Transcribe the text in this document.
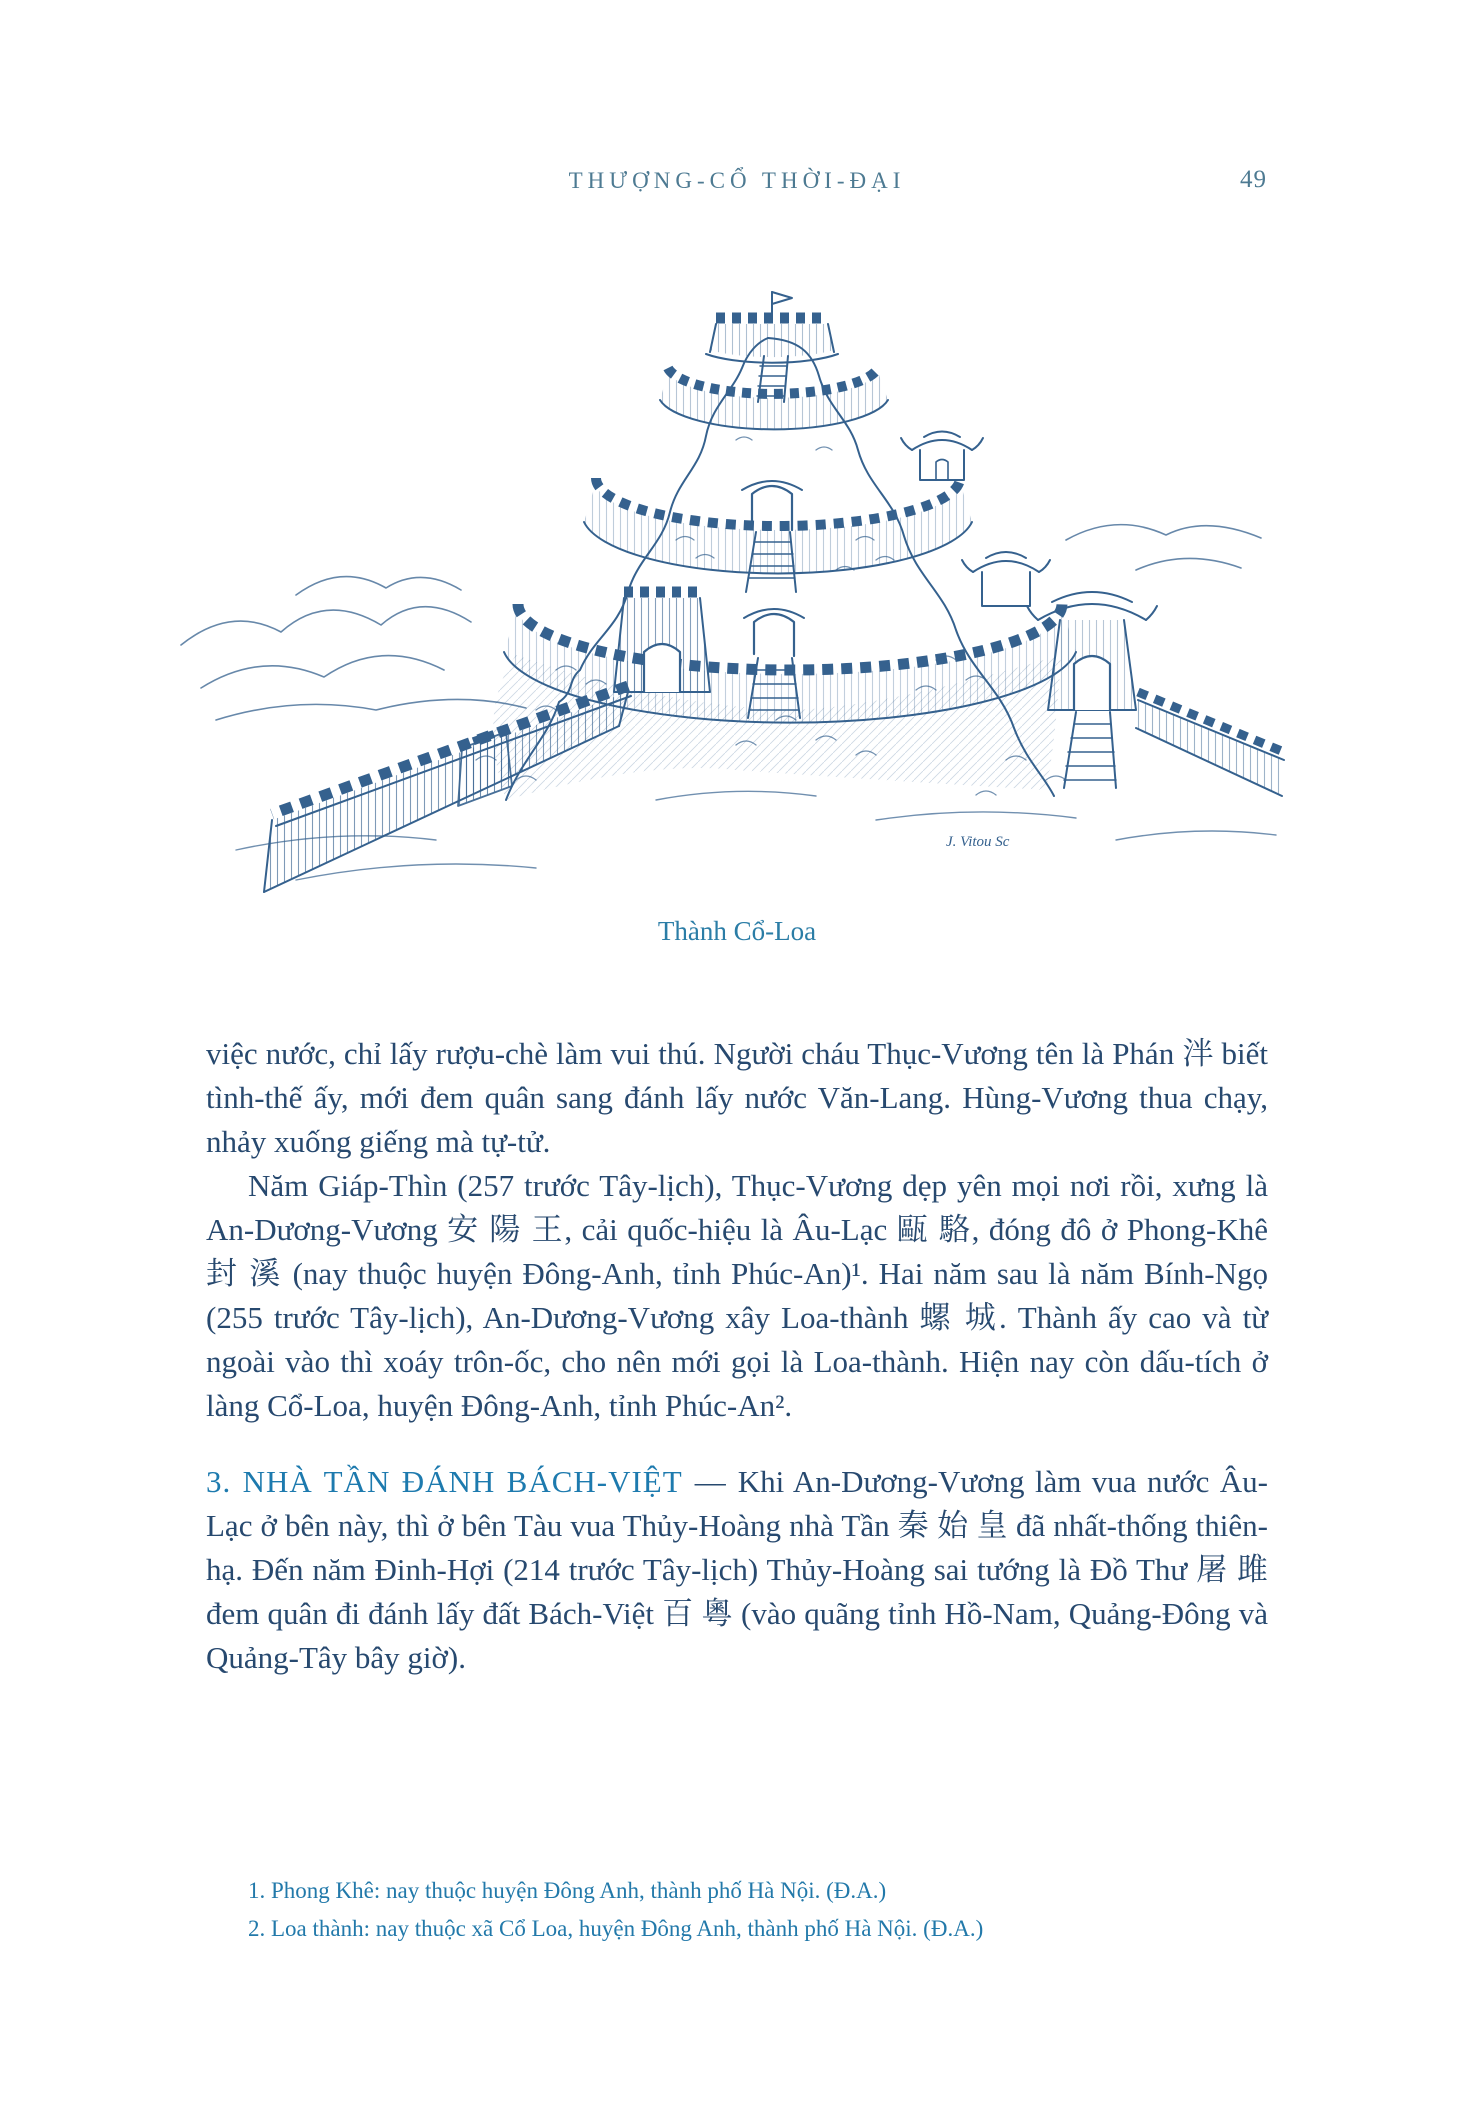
THƯỢNG-CỔ THỜI-ĐẠI	49
J. Vitou Sc
Thành Cổ-Loa

việc nước, chỉ lấy rượu-chè làm vui thú. Người cháu Thục-Vương tên là Phán 泮 biết tình-thế ấy, mới đem quân sang đánh lấy nước Văn-Lang. Hùng-Vương thua chạy, nhảy xuống giếng mà tự-tử.

Năm Giáp-Thìn (257 trước Tây-lịch), Thục-Vương dẹp yên mọi nơi rồi, xưng là An-Dương-Vương 安 陽 王, cải quốc-hiệu là Âu-Lạc 甌 駱, đóng đô ở Phong-Khê 封 溪 (nay thuộc huyện Đông-Anh, tỉnh Phúc-An)¹. Hai năm sau là năm Bính-Ngọ (255 trước Tây-lịch), An-Dương-Vương xây Loa-thành 螺 城. Thành ấy cao và từ ngoài vào thì xoáy trôn-ốc, cho nên mới gọi là Loa-thành. Hiện nay còn dấu-tích ở làng Cổ-Loa, huyện Đông-Anh, tỉnh Phúc-An².

3. NHÀ TẦN ĐÁNH BÁCH-VIỆT — Khi An-Dương-Vương làm vua nước Âu-Lạc ở bên này, thì ở bên Tàu vua Thủy-Hoàng nhà Tần 秦 始 皇 đã nhất-thống thiên-hạ. Đến năm Đinh-Hợi (214 trước Tây-lịch) Thủy-Hoàng sai tướng là Đồ Thư 屠 雎 đem quân đi đánh lấy đất Bách-Việt 百 粵 (vào quãng tỉnh Hồ-Nam, Quảng-Đông và Quảng-Tây bây giờ).

1. Phong Khê: nay thuộc huyện Đông Anh, thành phố Hà Nội. (Đ.A.)
2. Loa thành: nay thuộc xã Cổ Loa, huyện Đông Anh, thành phố Hà Nội. (Đ.A.)
